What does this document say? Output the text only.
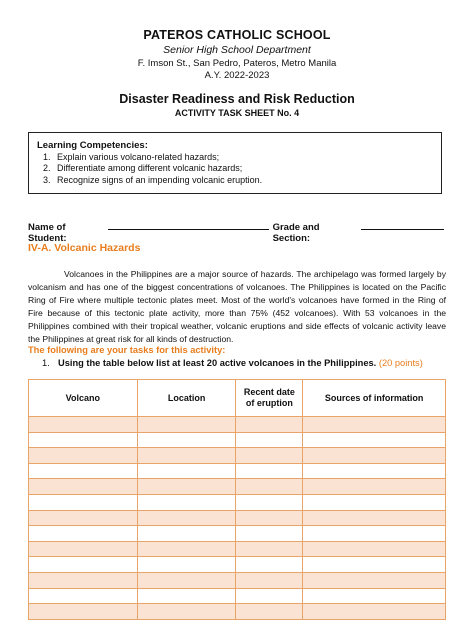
PATEROS CATHOLIC SCHOOL
Senior High School Department
F. Imson St., San Pedro, Pateros, Metro Manila
A.Y. 2022-2023
Disaster Readiness and Risk Reduction
ACTIVITY TASK SHEET No. 4
Learning Competencies:
1. Explain various volcano-related hazards;
2. Differentiate among different volcanic hazards;
3. Recognize signs of an impending volcanic eruption.
Name of Student:
Grade and Section:
IV-A. Volcanic Hazards
Volcanoes in the Philippines are a major source of hazards. The archipelago was formed largely by volcanism and has one of the biggest concentrations of volcanoes. The Philippines is located on the Pacific Ring of Fire where multiple tectonic plates meet. Most of the world's volcanoes have formed in the Ring of Fire because of this tectonic plate activity, more than 75% (452 volcanoes). With 53 volcanoes in the Philippines combined with their tropical weather, volcanic eruptions and side effects of volcanic activity leave the Philippines at great risk for all kinds of destruction.
The following are your tasks for this activity:
1. Using the table below list at least 20 active volcanoes in the Philippines. (20 points)
Volcano	Location	Recent date of eruption	Sources of information
